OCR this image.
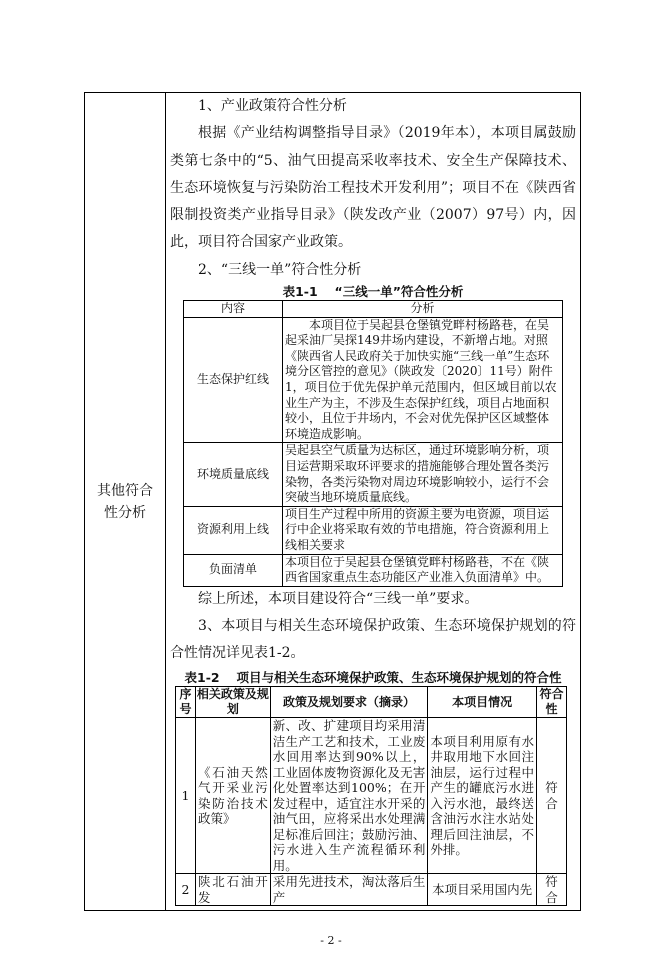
其他符合性分析
1、产业政策符合性分析
根据《产业结构调整指导目录》（2019年本），本项目属鼓励类第七条中的“5、油气田提高采收率技术、安全生产保障技术、生态环境恢复与污染防治工程技术开发利用”；项目不在《陕西省限制投资类产业指导目录》（陕发改产业（2007）97号）内，因此，项目符合国家产业政策。
2、“三线一单”符合性分析
表1-1　 “三线一单”符合性分析
内容	分析
生态保护红线	本项目位于吴起县仓堡镇党畔村杨路巷，在吴起采油厂吴探149井场内建设，不新增占地。对照《陕西省人民政府关于加快实施“三线一单”生态环境分区管控的意见》（陕政发〔2020〕11号）附件1，项目位于优先保护单元范围内，但区域目前以农业生产为主，不涉及生态保护红线，项目占地面积较小，且位于井场内，不会对优先保护区区域整体环境造成影响。
环境质量底线	吴起县空气质量为达标区，通过环境影响分析，项目运营期采取环评要求的措施能够合理处置各类污染物，各类污染物对周边环境影响较小，运行不会突破当地环境质量底线。
资源利用上线	项目生产过程中所用的资源主要为电资源，项目运行中企业将采取有效的节电措施，符合资源利用上线相关要求
负面清单	本项目位于吴起县仓堡镇党畔村杨路巷，不在《陕西省国家重点生态功能区产业准入负面清单》中。
综上所述，本项目建设符合“三线一单”要求。
3、本项目与相关生态环境保护政策、生态环境保护规划的符合性情况详见表1-2。
表1-2　 项目与相关生态环境保护政策、生态环境保护规划的符合性
序号	相关政策及规划	政策及规划要求（摘录）	本项目情况	符合性
1	《石油天然气开采业污染防治技术政策》	新、改、扩建项目均采用清洁生产工艺和技术，工业废水回用率达到90%以上，工业固体废物资源化及无害化处置率达到100%；在开发过程中，适宜注水开采的油气田，应将采出水处理满足标准后回注；鼓励污油、污水进入生产流程循环利用。	本项目利用原有水井取用地下水回注油层，运行过程中产生的罐底污水进入污水池，最终送含油污水注水站处理后回注油层，不外排。	符合
2	陕北石油开发	采用先进技术，淘汰落后生产	本项目采用国内先	符合
- 2 -
